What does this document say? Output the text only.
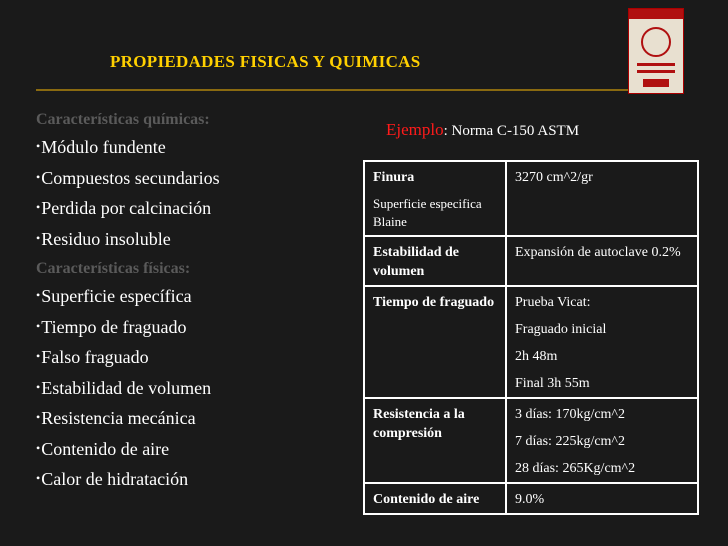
PROPIEDADES FISICAS Y QUIMICAS

Características químicas:

•Módulo fundente

•Compuestos secundarios

•Perdida por calcinación

•Residuo insoluble

Características físicas:

•Superficie específica

•Tiempo de fraguado

•Falso fraguado

•Estabilidad de volumen

•Resistencia mecánica

•Contenido de aire

•Calor de hidratación

Ejemplo: Norma C-150 ASTM
Finura
Superficie especifica Blaine	3270 cm^2/gr

Estabilidad de volumen	Expansión de autoclave 0.2%

Tiempo de fraguado	Prueba Vicat:
Fraguado inicial
2h 48m
Final 3h 55m

Resistencia a la compresión	3 días: 170kg/cm^2
7 días: 225kg/cm^2
28 días: 265Kg/cm^2

Contenido de aire	9.0%
